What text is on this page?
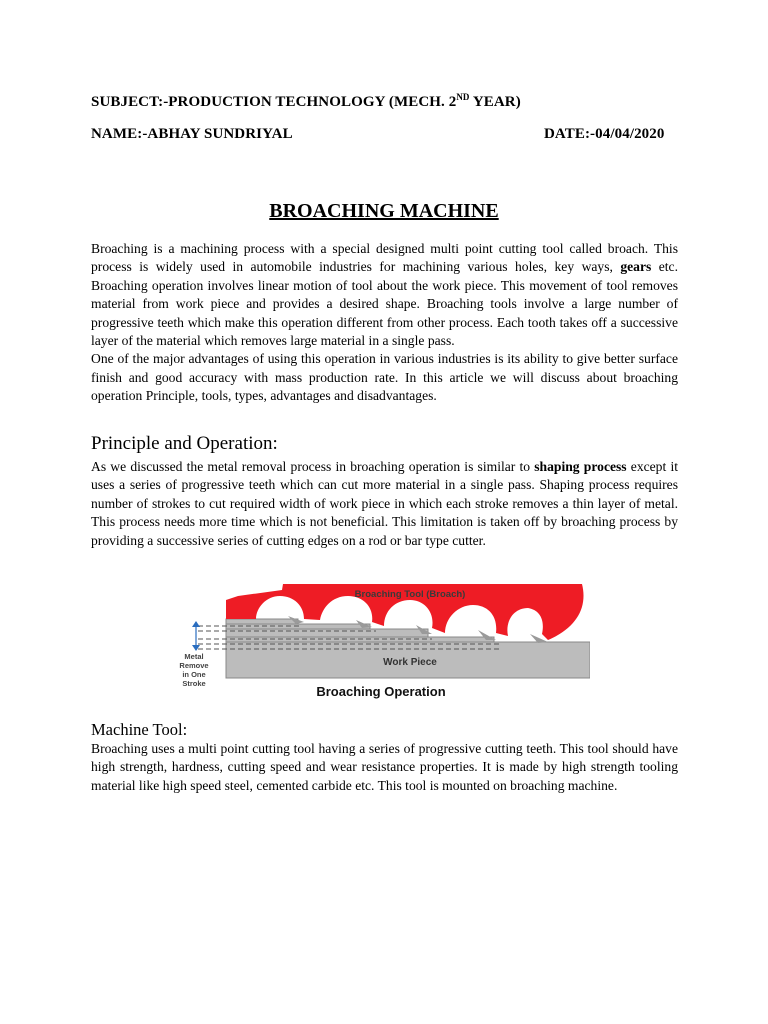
SUBJECT:-PRODUCTION TECHNOLOGY (MECH. 2ND YEAR)
NAME:-ABHAY SUNDRIYAL	DATE:-04/04/2020
BROACHING MACHINE

Broaching is a machining process with a special designed multi point cutting tool called broach. This process is widely used in automobile industries for machining various holes, key ways, gears etc. Broaching operation involves linear motion of tool about the work piece. This movement of tool removes material from work piece and provides a desired shape. Broaching tools involve a large number of progressive teeth which make this operation different from other process. Each tooth takes off a successive layer of the material which removes large material in a single pass.

One of the major advantages of using this operation in various industries is its ability to give better surface finish and good accuracy with mass production rate. In this article we will discuss about broaching operation Principle, tools, types, advantages and disadvantages.

Principle and Operation:

As we discussed the metal removal process in broaching operation is similar to shaping process except it uses a series of progressive teeth which can cut more material in a single pass. Shaping process requires number of strokes to cut required width of work piece in which each stroke removes a thin layer of metal. This process needs more time which is not beneficial. This limitation is taken off by broaching process by providing a successive series of cutting edges on a rod or bar type cutter.

Metal
Remove
in One
Stroke
Broaching Tool (Broach)
Work Piece
Broaching Operation
Machine Tool:

Broaching uses a multi point cutting tool having a series of progressive cutting teeth. This tool should have high strength, hardness, cutting speed and wear resistance properties. It is made by high strength tooling material like high speed steel, cemented carbide etc. This tool is mounted on broaching machine.
